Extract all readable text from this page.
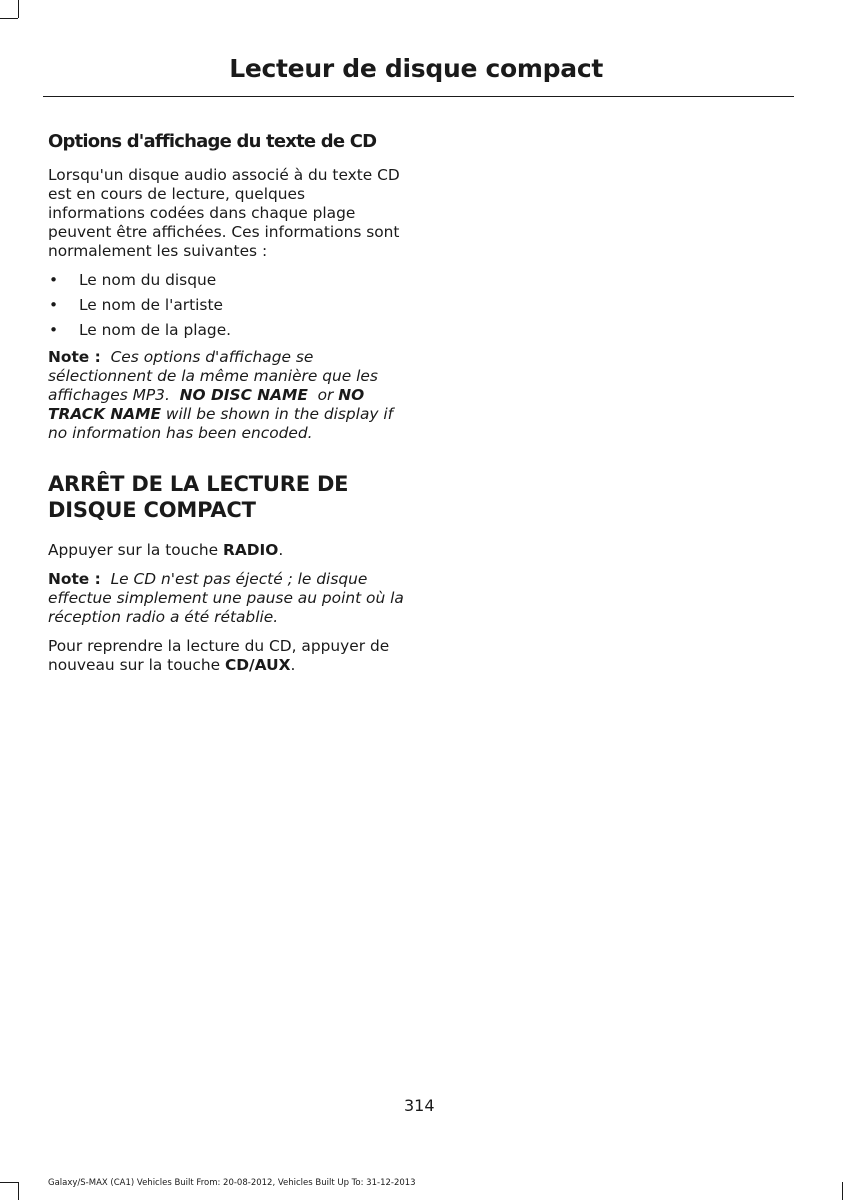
Lecteur de disque compact
Options d'affichage du texte de CD

Lorsqu'un disque audio associé à du texte CD est en cours de lecture, quelques informations codées dans chaque plage peuvent être affichées. Ces informations sont normalement les suivantes :

• Le nom du disque
• Le nom de l'artiste
• Le nom de la plage.

Note : Ces options d'affichage se sélectionnent de la même manière que les affichages MP3. NO DISC NAME or NO TRACK NAME will be shown in the display if no information has been encoded.

ARRÊT DE LA LECTURE DE
DISQUE COMPACT

Appuyer sur la touche RADIO.

Note : Le CD n'est pas éjecté ; le disque effectue simplement une pause au point où la réception radio a été rétablie.

Pour reprendre la lecture du CD, appuyer de nouveau sur la touche CD/AUX.

314
Galaxy/S-MAX (CA1) Vehicles Built From: 20-08-2012, Vehicles Built Up To: 31-12-2013
